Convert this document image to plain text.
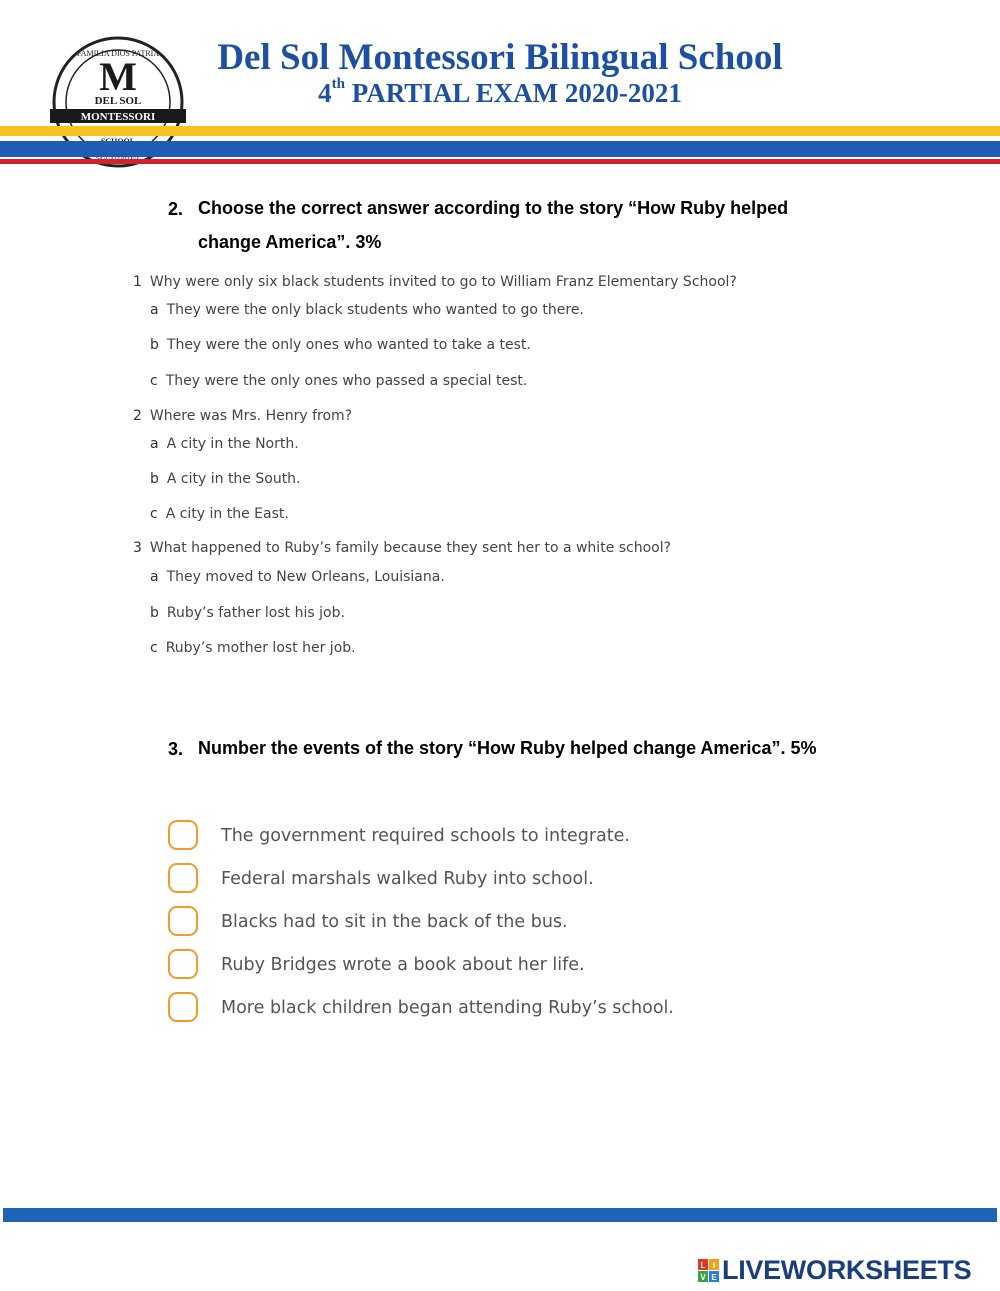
FAMILIA DIOS PATRIA
M
DEL SOL
MONTESSORI
Del Sol Montessori Bilingual School
4th PARTIAL EXAM 2020-2021
2. Choose the correct answer according to the story “How Ruby helped change America”. 3%
1 Why were only six black students invited to go to William Franz Elementary School?
a They were the only black students who wanted to go there.
b They were the only ones who wanted to take a test.
c They were the only ones who passed a special test.
2 Where was Mrs. Henry from?
a A city in the North.
b A city in the South.
c A city in the East.
3 What happened to Ruby’s family because they sent her to a white school?
a They moved to New Orleans, Louisiana.
b Ruby’s father lost his job.
c Ruby’s mother lost her job.
3. Number the events of the story “How Ruby helped change America”. 5%
The government required schools to integrate.
Federal marshals walked Ruby into school.
Blacks had to sit in the back of the bus.
Ruby Bridges wrote a book about her life.
More black children began attending Ruby’s school.
L I
V E LIVEWORKSHEETS
